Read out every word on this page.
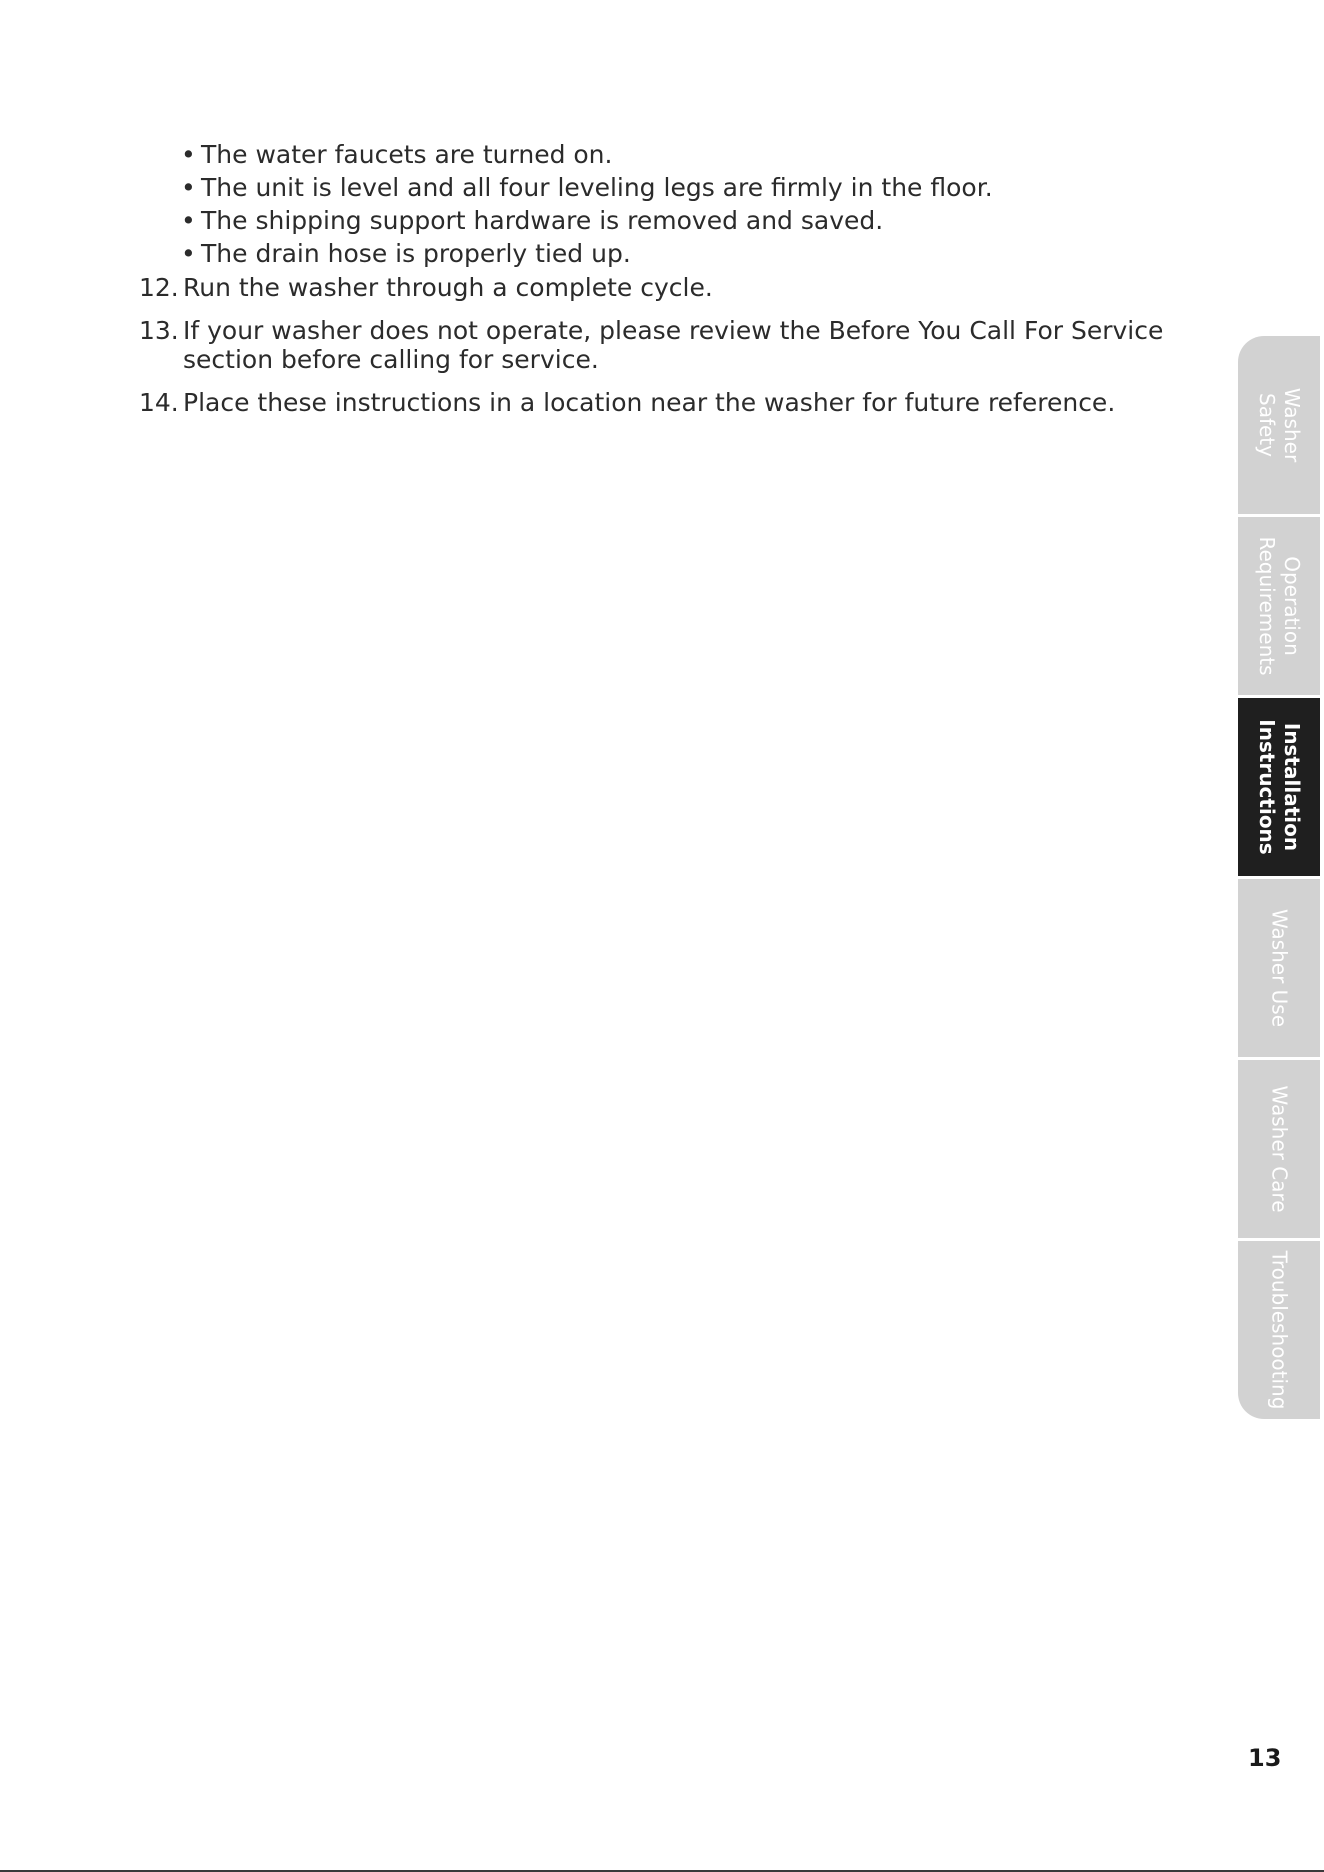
• The water faucets are turned on.
• The unit is level and all four leveling legs are firmly in the floor.
• The shipping support hardware is removed and saved.
• The drain hose is properly tied up.
12. Run the washer through a complete cycle.
13. If your washer does not operate, please review the Before You Call For Service section before calling for service.
14. Place these instructions in a location near the washer for future reference.	Washer
Safety
Operation
Requirements
Installation
Instructions
Washer Use
Washer Care
Troubleshooting
13
